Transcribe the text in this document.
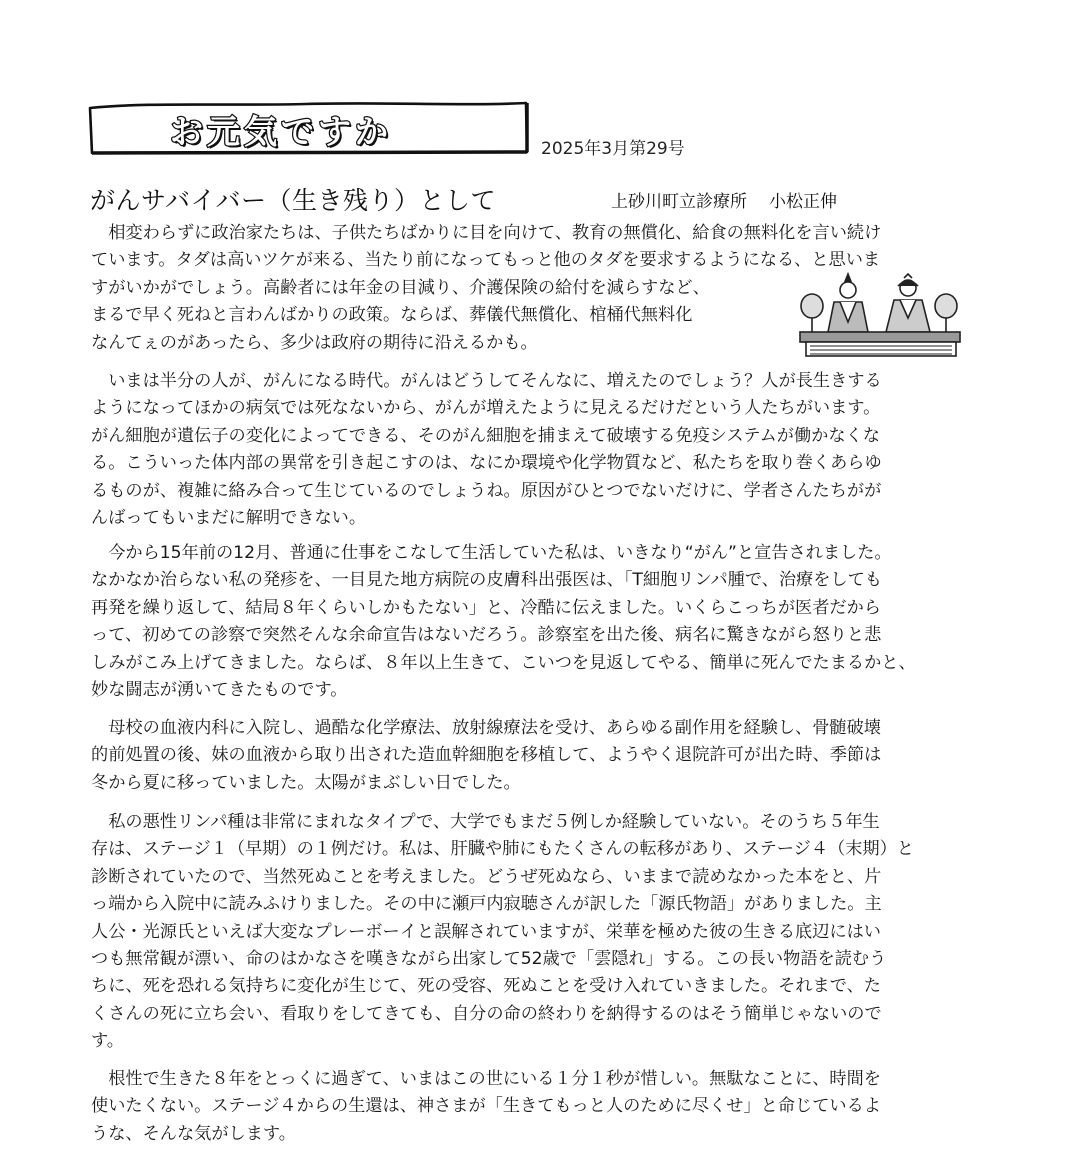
お元気ですか	2025年3月第29号
がんサバイバー（生き残り）として	上砂川町立診療所 小松正伸
　相変わらずに政治家たちは、子供たちばかりに目を向けて、教育の無償化、給食の無料化を言い続け
ています。タダは高いツケが来る、当たり前になってもっと他のタダを要求するようになる、と思いま
すがいかがでしょう。高齢者には年金の目減り、介護保険の給付を減らすなど、
まるで早く死ねと言わんばかりの政策。ならば、葬儀代無償化、棺桶代無料化
なんてぇのがあったら、多少は政府の期待に沿えるかも。
　いまは半分の人が、がんになる時代。がんはどうしてそんなに、増えたのでしょう？人が長生きする
ようになってほかの病気では死なないから、がんが増えたように見えるだけだという人たちがいます。
がん細胞が遺伝子の変化によってできる、そのがん細胞を捕まえて破壊する免疫システムが働かなくな
る。こういった体内部の異常を引き起こすのは、なにか環境や化学物質など、私たちを取り巻くあらゆ
るものが、複雑に絡み合って生じているのでしょうね。原因がひとつでないだけに、学者さんたちがが
んばってもいまだに解明できない。
　今から15年前の12月、普通に仕事をこなして生活していた私は、いきなり“がん”と宣告されました。
なかなか治らない私の発疹を、一目見た地方病院の皮膚科出張医は、「T細胞リンパ腫で、治療をしても
再発を繰り返して、結局８年くらいしかもたない」と、冷酷に伝えました。いくらこっちが医者だから
って、初めての診察で突然そんな余命宣告はないだろう。診察室を出た後、病名に驚きながら怒りと悲
しみがこみ上げてきました。ならば、８年以上生きて、こいつを見返してやる、簡単に死んでたまるかと、
妙な闘志が湧いてきたものです。
　母校の血液内科に入院し、過酷な化学療法、放射線療法を受け、あらゆる副作用を経験し、骨髄破壊
的前処置の後、妹の血液から取り出された造血幹細胞を移植して、ようやく退院許可が出た時、季節は
冬から夏に移っていました。太陽がまぶしい日でした。
　私の悪性リンパ種は非常にまれなタイプで、大学でもまだ５例しか経験していない。そのうち５年生
存は、ステージ１（早期）の１例だけ。私は、肝臓や肺にもたくさんの転移があり、ステージ４（末期）と
診断されていたので、当然死ぬことを考えました。どうぜ死ぬなら、いままで読めなかった本をと、片
っ端から入院中に読みふけりました。その中に瀬戸内寂聴さんが訳した「源氏物語」がありました。主
人公・光源氏といえば大変なプレーボーイと誤解されていますが、栄華を極めた彼の生きる底辺にはい
つも無常観が漂い、命のはかなさを嘆きながら出家して52歳で「雲隠れ」する。この長い物語を読むう
ちに、死を恐れる気持ちに変化が生じて、死の受容、死ぬことを受け入れていきました。それまで、た
くさんの死に立ち会い、看取りをしてきても、自分の命の終わりを納得するのはそう簡単じゃないので
す。
　根性で生きた８年をとっくに過ぎて、いまはこの世にいる１分１秒が惜しい。無駄なことに、時間を
使いたくない。ステージ４からの生還は、神さまが「生きてもっと人のために尽くせ」と命じているよ
うな、そんな気がします。
